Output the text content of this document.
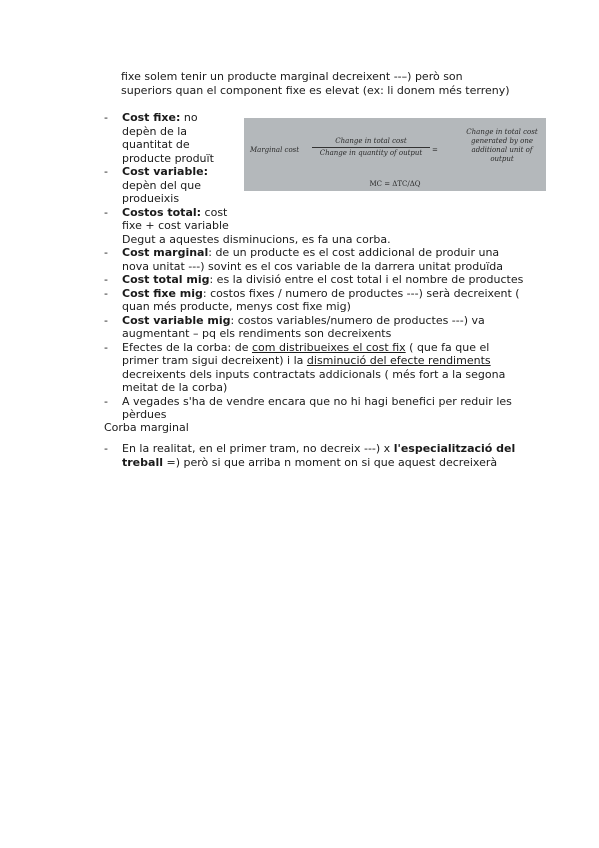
fixe solem tenir un producte marginal decreixent --–) però son
superiors quan el component fixe es elevat (ex: li donem més terreny)
- Cost fixe: no depèn de la quantitat de producte produït
- Cost variable: depèn del que produeixis
- Costos total: cost fixe + cost variable
Degut a aquestes disminucions, es fa una corba.
- Cost marginal: de un producte es el cost addicional de produir una nova unitat ---) sovint es el cos variable de la darrera unitat produïda
- Cost total mig: es la divisió entre el cost total i el nombre de productes
- Cost fixe mig: costos fixes / numero de productes ---) serà decreixent ( quan més producte, menys cost fixe mig)
- Cost variable mig: costos variables/numero de productes ---) va augmentant – pq els rendiments son decreixents
- Efectes de la corba: de com distribueixes el cost fix ( que fa que el primer tram sigui decreixent) i la disminució del efecte rendiments decreixents dels inputs contractats addicionals ( més fort a la segona meitat de la corba)
- A vegades s'ha de vendre encara que no hi hagi benefici per reduir les pèrdues
Marginal cost
Change in total cost
Change in quantity of output	=
Change in total cost generated by one additional unit of output
MC = ΔTC/ΔQ
Corba marginal
- En la realitat, en el primer tram, no decreix ---) x l'especialització del treball =) però si que arriba n moment on si que aquest decreixerà
